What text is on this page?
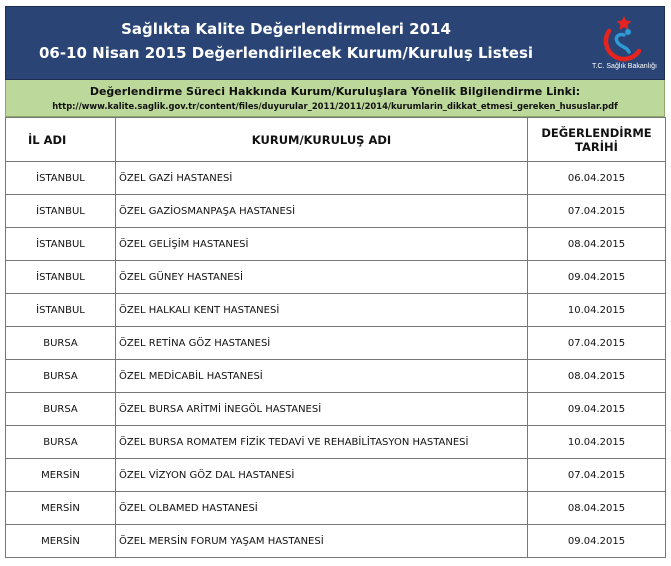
Sağlıkta Kalite Değerlendirmeleri 2014
06-10 Nisan 2015 Değerlendirilecek Kurum/Kuruluş Listesi
T.C. Sağlık Bakanlığı
Değerlendirme Süreci Hakkında Kurum/Kuruluşlara Yönelik Bilgilendirme Linki:
http://www.kalite.saglik.gov.tr/content/files/duyurular_2011/2011/2014/kurumlarin_dikkat_etmesi_gereken_hususlar.pdf
İL ADI	KURUM/KURULUŞ ADI	DEĞERLENDİRME
TARİHİ

İSTANBUL	ÖZEL GAZİ HASTANESİ	06.04.2015
İSTANBUL	ÖZEL GAZİOSMANPAŞA HASTANESİ	07.04.2015
İSTANBUL	ÖZEL GELİŞİM HASTANESİ	08.04.2015
İSTANBUL	ÖZEL GÜNEY HASTANESİ	09.04.2015
İSTANBUL	ÖZEL HALKALI KENT HASTANESİ	10.04.2015
BURSA	ÖZEL RETİNA GÖZ HASTANESİ	07.04.2015
BURSA	ÖZEL MEDİCABİL HASTANESİ	08.04.2015
BURSA	ÖZEL BURSA ARİTMİ İNEGÖL HASTANESİ	09.04.2015
BURSA	ÖZEL BURSA ROMATEM FİZİK TEDAVİ VE REHABİLİTASYON HASTANESİ	10.04.2015
MERSİN	ÖZEL VİZYON GÖZ DAL HASTANESİ	07.04.2015
MERSİN	ÖZEL OLBAMED HASTANESİ	08.04.2015
MERSİN	ÖZEL MERSİN FORUM YAŞAM HASTANESİ	09.04.2015
